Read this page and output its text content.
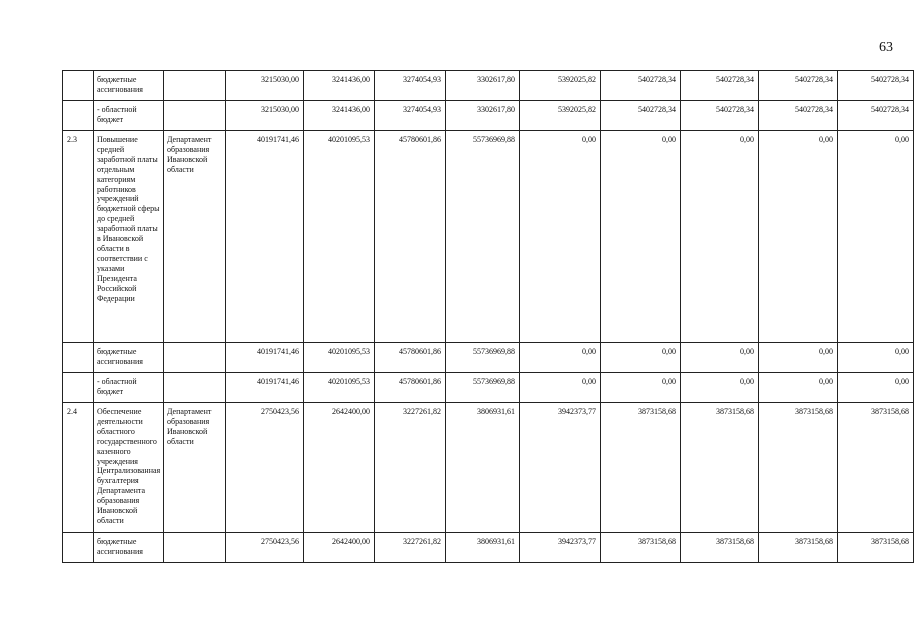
63
	бюджетные ассигнования		3215030,00	3241436,00	3274054,93	3302617,80	5392025,82	5402728,34	5402728,34	5402728,34	5402728,34
	- областной бюджет		3215030,00	3241436,00	3274054,93	3302617,80	5392025,82	5402728,34	5402728,34	5402728,34	5402728,34
2.3	Повышение средней заработной платы отдельным категориям работников учреждений бюджетной сферы до средней заработной платы в Ивановской области в соответствии с указами Президента Российской Федерации	Департамент образования Ивановской области	40191741,46	40201095,53	45780601,86	55736969,88	0,00	0,00	0,00	0,00	0,00
	бюджетные ассигнования		40191741,46	40201095,53	45780601,86	55736969,88	0,00	0,00	0,00	0,00	0,00
	- областной бюджет		40191741,46	40201095,53	45780601,86	55736969,88	0,00	0,00	0,00	0,00	0,00
2.4	Обеспечение деятельности областного государственного казенного учреждения Централизованная бухгалтерия Департамента образования Ивановской области	Департамент образования Ивановской области	2750423,56	2642400,00	3227261,82	3806931,61	3942373,77	3873158,68	3873158,68	3873158,68	3873158,68
	бюджетные ассигнования		2750423,56	2642400,00	3227261,82	3806931,61	3942373,77	3873158,68	3873158,68	3873158,68	3873158,68
